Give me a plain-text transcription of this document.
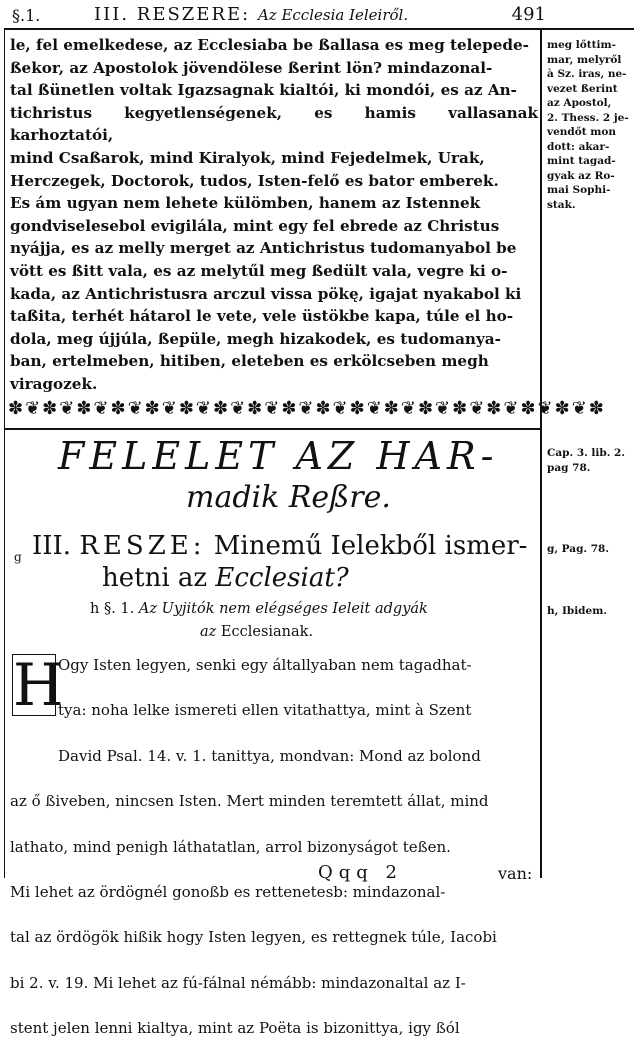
§.1.	III. RESZERE: Az Ecclesia Ieleiről.	491

le, fel emelkedese, az Ecclesiaba be ßallasa es meg telepede-
ßekor, az Apostolok jövendölese ßerint lön? mindazonal-
tal ßünetlen voltak Igazsagnak kialtói, ki mondói, es az An-
tichristus kegyetlenségenek, es hamis vallasanak karhoztatói,
mind Csaßarok, mind Kiralyok, mind Fejedelmek, Urak,
Herczegek, Doctorok, tudos, Isten-felő es bator emberek.
Es ám ugyan nem lehete külömben, hanem az Istennek
gondviselesebol evigilála, mint egy fel ebrede az Christus
nyájja, es az melly merget az Antichristus tudomanyabol be
vött es ßitt vala, es az melytűl meg ßedült vala, vegre ki o-
kada, az Antichristusra arczul vissa pökę, igajat nyakabol ki
taßita, terhét hátarol le vete, vele üstökbe kapa, túle el ho-
dola, meg újjúla, ßepüle, megh hizakodek, es tudomanya-
ban, ertelmeben, hitiben, eleteben es erkölcseben megh
viragozek.

✽❦✽❦✽❦✽❦✽❦✽❦✽❦✽❦✽❦✽❦✽❦✽❦✽❦✽❦✽❦✽❦✽❦✽
FELELET AZ HAR-
madik Reßre.
g III. RESZE: Minemű Ielekből ismer-
hetni az Ecclesiat?
h §. 1. Az Uyjitók nem elégséges Ieleit adgyák
az Ecclesianak.
H
Ogy Isten legyen, senki egy általlyaban nem tagadhat-

tya: noha lelke ismereti ellen vitathattya, mint à Szent

David Psal. 14. v. 1. tanittya, mondvan: Mond az bolond

az ő ßiveben, nincsen Isten. Mert minden teremtett állat, mind

lathato, mind penigh láthatatlan, arrol bizonyságot teßen.

Mi lehet az ördögnél gonoßb es rettenetesb: mindazonal-

tal az ördögök hißik hogy Isten legyen, es rettegnek túle, Iacobi

bi 2. v. 19. Mi lehet az fú-fálnal némább: mindazonaltal az I-

stent jelen lenni kialtya, mint az Poëta is bizonittya, igy ßól

Qqq 2	van:
meg lőttim-
mar, melyről
à Sz. iras, ne-
vezet ßerint
az Apostol,
2. Thess. 2 je-
vendőt mon
dott: akar-
mint tagad-
gyak az Ro-
mai Sophi-
stak.
Cap. 3. lib. 2.
pag 78.
g, Pag. 78.
h, Ibidem.
